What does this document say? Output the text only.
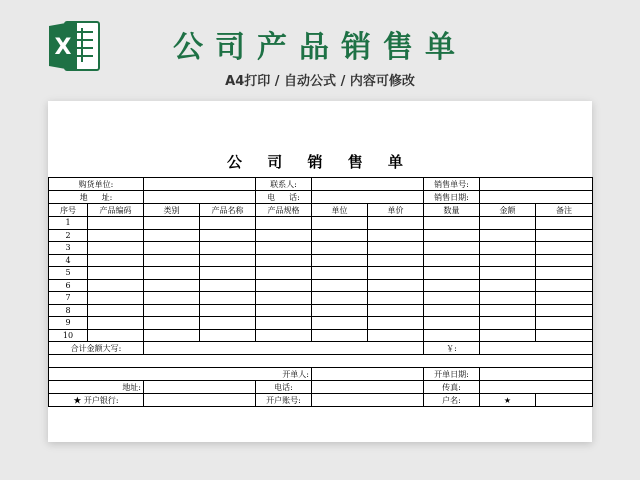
X	公司产品销售单
A4打印 / 自动公式 / 内容可修改
公 司 销 售 单
购货单位:				联系人:			销售单号:		
地 址:				电 话:			销售日期:		
序号	产品编码	类别	产品名称	产品规格	单位	单价	数量	金额	备注
1									
2									
3									
4									
5									
6									
7									
8									
9									
10									
合计金额大写:							￥:		

开单人:							开单日期:		
地址:				电话:			传真:		
★ 开户银行:				开户账号:			户名:	★	
